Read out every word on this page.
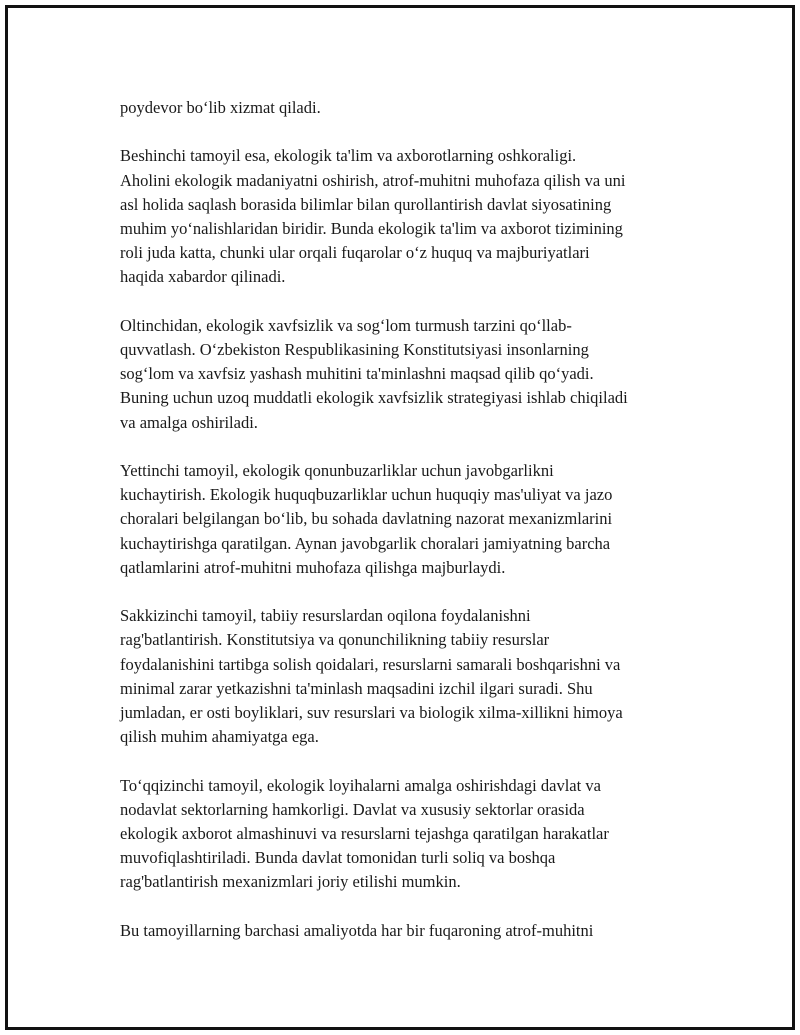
poydevor bo‘lib xizmat qiladi.

Beshinchi tamoyil esa, ekologik ta'lim va axborotlarning oshkoraligi.
Aholini ekologik madaniyatni oshirish, atrof-muhitni muhofaza qilish va uni
asl holida saqlash borasida bilimlar bilan qurollantirish davlat siyosatining
muhim yo‘nalishlaridan biridir. Bunda ekologik ta'lim va axborot tizimining
roli juda katta, chunki ular orqali fuqarolar o‘z huquq va majburiyatlari
haqida xabardor qilinadi.

Oltinchidan, ekologik xavfsizlik va sog‘lom turmush tarzini qo‘llab-
quvvatlash. O‘zbekiston Respublikasining Konstitutsiyasi insonlarning
sog‘lom va xavfsiz yashash muhitini ta'minlashni maqsad qilib qo‘yadi.
Buning uchun uzoq muddatli ekologik xavfsizlik strategiyasi ishlab chiqiladi
va amalga oshiriladi.

Yettinchi tamoyil, ekologik qonunbuzarliklar uchun javobgarlikni
kuchaytirish. Ekologik huquqbuzarliklar uchun huquqiy mas'uliyat va jazo
choralari belgilangan bo‘lib, bu sohada davlatning nazorat mexanizmlarini
kuchaytirishga qaratilgan. Aynan javobgarlik choralari jamiyatning barcha
qatlamlarini atrof-muhitni muhofaza qilishga majburlaydi.

Sakkizinchi tamoyil, tabiiy resurslardan oqilona foydalanishni
rag'batlantirish. Konstitutsiya va qonunchilikning tabiiy resurslar
foydalanishini tartibga solish qoidalari, resurslarni samarali boshqarishni va
minimal zarar yetkazishni ta'minlash maqsadini izchil ilgari suradi. Shu
jumladan, er osti boyliklari, suv resurslari va biologik xilma-xillikni himoya
qilish muhim ahamiyatga ega.

To‘qqizinchi tamoyil, ekologik loyihalarni amalga oshirishdagi davlat va
nodavlat sektorlarning hamkorligi. Davlat va xususiy sektorlar orasida
ekologik axborot almashinuvi va resurslarni tejashga qaratilgan harakatlar
muvofiqlashtiriladi. Bunda davlat tomonidan turli soliq va boshqa
rag'batlantirish mexanizmlari joriy etilishi mumkin.

Bu tamoyillarning barchasi amaliyotda har bir fuqaroning atrof-muhitni
